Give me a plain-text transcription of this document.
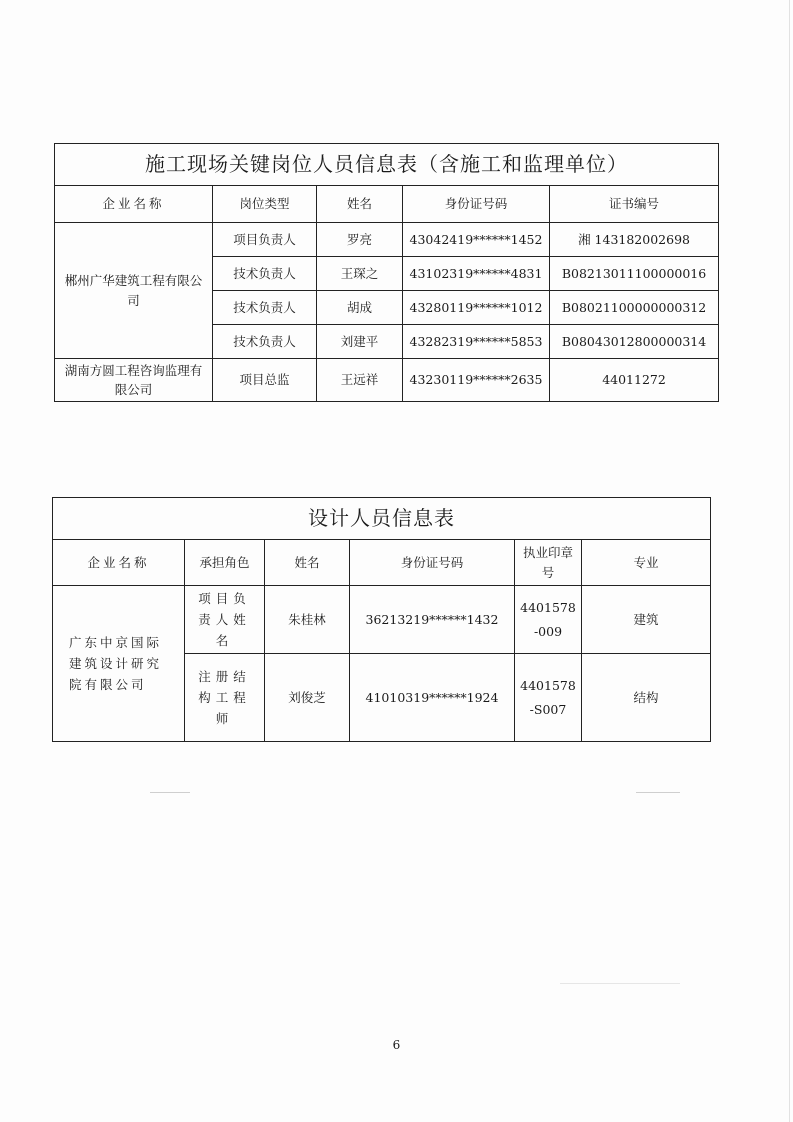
施工现场关键岗位人员信息表（含施工和监理单位）				
企业名称	岗位类型	姓名	身份证号码	证书编号
郴州广华建筑工程有限公司	项目负责人	罗亮	43042419******1452	湘 143182002698
	技术负责人	王琛之	43102319******4831	B08213011100000016
	技术负责人	胡成	43280119******1012	B08021100000000312
	技术负责人	刘建平	43282319******5853	B08043012800000314
湖南方圆工程咨询监理有限公司	项目总监	王远祥	43230119******2635	44011272
设计人员信息表					
企业名称	承担角色	姓名	身份证号码	执业印章号	专业
广东中京国际建筑设计研究院有限公司	项目负责人姓名	朱桂林	36213219******1432	4401578-009	建筑
	注册结构工程师	刘俊芝	41010319******1924	4401578-S007	结构
6
